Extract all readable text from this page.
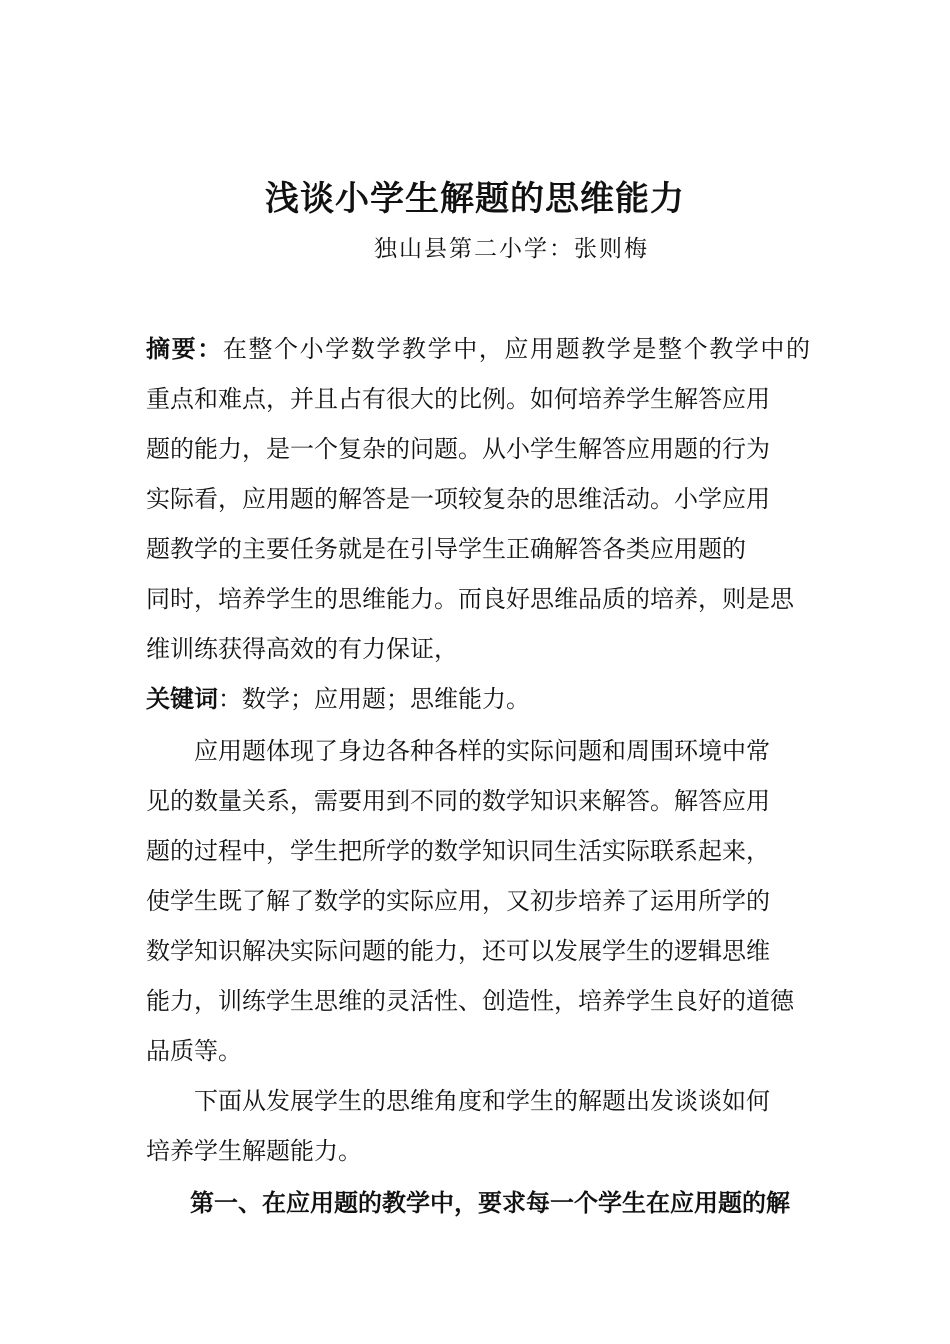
浅谈小学生解题的思维能力
独山县第二小学：张则梅
摘要：在整个小学数学教学中，应用题教学是整个教学中的
重点和难点，并且占有很大的比例。如何培养学生解答应用
题的能力，是一个复杂的问题。从小学生解答应用题的行为
实际看，应用题的解答是一项较复杂的思维活动。小学应用
题教学的主要任务就是在引导学生正确解答各类应用题的
同时，培养学生的思维能力。而良好思维品质的培养，则是思
维训练获得高效的有力保证，
关键词：数学；应用题；思维能力。
应用题体现了身边各种各样的实际问题和周围环境中常
见的数量关系，需要用到不同的数学知识来解答。解答应用
题的过程中，学生把所学的数学知识同生活实际联系起来，
使学生既了解了数学的实际应用，又初步培养了运用所学的
数学知识解决实际问题的能力，还可以发展学生的逻辑思维
能力，训练学生思维的灵活性、创造性，培养学生良好的道德
品质等。
下面从发展学生的思维角度和学生的解题出发谈谈如何
培养学生解题能力。
第一、在应用题的教学中，要求每一个学生在应用题的解
